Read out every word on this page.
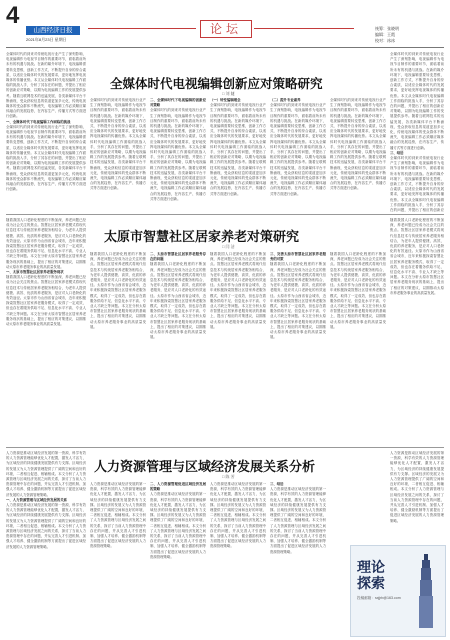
4
山西经济日报
2021年8月23日 星期日
论坛	统筹：张晓明
编辑：王霞
校对：冰冰
全媒体时代的到来对传统电视行业产生了深刻影响，电视编辑作为电视节目制作的重要环节，面临着前所未有的机遇与挑战。在新的媒介环境下，电视编辑需要转变思维，创新工作方式，不断提升自身的综合素质，以适应全媒体时代的发展要求，更好地发挥电视媒体的传播优势。本文从全媒体时代电视编辑工作面临的挑战入手，分析了其存在的问题，并提出了相应的创新应对策略，以期为电视编辑工作的发展提供参考。随着互联网技术的迅猛发展，各类新媒体平台不断涌现，受众获取信息的渠道更加多元化，传统电视媒体的受众群体不断流失，电视编辑工作必须顺应媒体融合的发展趋势，在内容生产、传播方式等方面进行创新。
一、全媒体时代下电视编辑工作面临的挑战
全媒体时代的到来对传统电视行业产生了深刻影响，电视编辑作为电视节目制作的重要环节，面临着前所未有的机遇与挑战。在新的媒介环境下，电视编辑需要转变思维，创新工作方式，不断提升自身的综合素质，以适应全媒体时代的发展要求，更好地发挥电视媒体的传播优势。本文从全媒体时代电视编辑工作面临的挑战入手，分析了其存在的问题，并提出了相应的创新应对策略，以期为电视编辑工作的发展提供参考。随着互联网技术的迅猛发展，各类新媒体平台不断涌现，受众获取信息的渠道更加多元化，传统电视媒体的受众群体不断流失，电视编辑工作必须顺应媒体融合的发展趋势，在内容生产、传播方式等方面进行创新。
全媒体时代电视编辑创新应对策略研究
□ 刘 婕
全媒体时代的到来对传统电视行业产生了深刻影响，电视编辑作为电视节目制作的重要环节，面临着前所未有的机遇与挑战。在新的媒介环境下，电视编辑需要转变思维，创新工作方式，不断提升自身的综合素质，以适应全媒体时代的发展要求，更好地发挥电视媒体的传播优势。本文从全媒体时代电视编辑工作面临的挑战入手，分析了其存在的问题，并提出了相应的创新应对策略，以期为电视编辑工作的发展提供参考。随着互联网技术的迅猛发展，各类新媒体平台不断涌现，受众获取信息的渠道更加多元化，传统电视媒体的受众群体不断流失，电视编辑工作必须顺应媒体融合的发展趋势，在内容生产、传播方式等方面进行创新。
二、全媒体时代下电视编辑的创新应对策略
全媒体时代的到来对传统电视行业产生了深刻影响，电视编辑作为电视节目制作的重要环节，面临着前所未有的机遇与挑战。在新的媒介环境下，电视编辑需要转变思维，创新工作方式，不断提升自身的综合素质，以适应全媒体时代的发展要求，更好地发挥电视媒体的传播优势。本文从全媒体时代电视编辑工作面临的挑战入手，分析了其存在的问题，并提出了相应的创新应对策略，以期为电视编辑工作的发展提供参考。随着互联网技术的迅猛发展，各类新媒体平台不断涌现，受众获取信息的渠道更加多元化，传统电视媒体的受众群体不断流失，电视编辑工作必须顺应媒体融合的发展趋势，在内容生产、传播方式等方面进行创新。
（一）转变编辑理念
全媒体时代的到来对传统电视行业产生了深刻影响，电视编辑作为电视节目制作的重要环节，面临着前所未有的机遇与挑战。在新的媒介环境下，电视编辑需要转变思维，创新工作方式，不断提升自身的综合素质，以适应全媒体时代的发展要求，更好地发挥电视媒体的传播优势。本文从全媒体时代电视编辑工作面临的挑战入手，分析了其存在的问题，并提出了相应的创新应对策略，以期为电视编辑工作的发展提供参考。随着互联网技术的迅猛发展，各类新媒体平台不断涌现，受众获取信息的渠道更加多元化，传统电视媒体的受众群体不断流失，电视编辑工作必须顺应媒体融合的发展趋势，在内容生产、传播方式等方面进行创新。
（二）提升专业素养
全媒体时代的到来对传统电视行业产生了深刻影响，电视编辑作为电视节目制作的重要环节，面临着前所未有的机遇与挑战。在新的媒介环境下，电视编辑需要转变思维，创新工作方式，不断提升自身的综合素质，以适应全媒体时代的发展要求，更好地发挥电视媒体的传播优势。本文从全媒体时代电视编辑工作面临的挑战入手，分析了其存在的问题，并提出了相应的创新应对策略，以期为电视编辑工作的发展提供参考。随着互联网技术的迅猛发展，各类新媒体平台不断涌现，受众获取信息的渠道更加多元化，传统电视媒体的受众群体不断流失，电视编辑工作必须顺应媒体融合的发展趋势，在内容生产、传播方式等方面进行创新。
全媒体时代的到来对传统电视行业产生了深刻影响，电视编辑作为电视节目制作的重要环节，面临着前所未有的机遇与挑战。在新的媒介环境下，电视编辑需要转变思维，创新工作方式，不断提升自身的综合素质，以适应全媒体时代的发展要求，更好地发挥电视媒体的传播优势。本文从全媒体时代电视编辑工作面临的挑战入手，分析了其存在的问题，并提出了相应的创新应对策略，以期为电视编辑工作的发展提供参考。随着互联网技术的迅猛发展，各类新媒体平台不断涌现，受众获取信息的渠道更加多元化，传统电视媒体的受众群体不断流失，电视编辑工作必须顺应媒体融合的发展趋势，在内容生产、传播方式等方面进行创新。
全媒体时代的到来对传统电视行业产生了深刻影响，电视编辑作为电视节目制作的重要环节，面临着前所未有的机遇与挑战。在新的媒介环境下，电视编辑需要转变思维，创新工作方式，不断提升自身的综合素质，以适应全媒体时代的发展要求，更好地发挥电视媒体的传播优势。本文从全媒体时代电视编辑工作面临的挑战入手，分析了其存在的问题，并提出了相应的创新应对策略，以期为电视编辑工作的发展提供参考。随着互联网技术的迅猛发展，各类新媒体平台不断涌现，受众获取信息的渠道更加多元化，传统电视媒体的受众群体不断流失，电视编辑工作必须顺应媒体融合的发展趋势，在内容生产、传播方式等方面进行创新。
三、结语
全媒体时代的到来对传统电视行业产生了深刻影响，电视编辑作为电视节目制作的重要环节，面临着前所未有的机遇与挑战。在新的媒介环境下，电视编辑需要转变思维，创新工作方式，不断提升自身的综合素质，以适应全媒体时代的发展要求，更好地发挥电视媒体的传播优势。本文从全媒体时代电视编辑工作面临的挑战入手，分析了其存在的问题，并提出了相应的创新应
随着我国人口老龄化程度的不断加深，养老问题已经成为社会关注的焦点。智慧社区居家养老模式将现代信息技术与传统居家养老服务相结合，为老年人提供便捷、高效、优质的养老服务，是应对人口老龄化的有效途径。太原市作为山西省省会城市，近年来积极探索智慧社区居家养老服务模式，取得了一定成效，但也存在着服务供给不足、信息化水平不高、专业人才缺乏等问题。本文在分析太原市智慧社区居家养老服务现状的基础上，提出了相应的对策建议，以期推动太原市养老服务事业的高质量发展。
一、太原市智慧社区居家养老服务现状
随着我国人口老龄化程度的不断加深，养老问题已经成为社会关注的焦点。智慧社区居家养老模式将现代信息技术与传统居家养老服务相结合，为老年人提供便捷、高效、优质的养老服务，是应对人口老龄化的有效途径。太原市作为山西省省会城市，近年来积极探索智慧社区居家养老服务模式，取得了一定成效，但也存在着服务供给不足、信息化水平不高、专业人才缺乏等问题。本文在分析太原市智慧社区居家养老服务现状的基础上，提出了相应的对策建议，以期推动太原市养老服务事业的高质量发展。
太原市智慧社区居家养老对策研究
□ 闫 洁
随着我国人口老龄化程度的不断加深，养老问题已经成为社会关注的焦点。智慧社区居家养老模式将现代信息技术与传统居家养老服务相结合，为老年人提供便捷、高效、优质的养老服务，是应对人口老龄化的有效途径。太原市作为山西省省会城市，近年来积极探索智慧社区居家养老服务模式，取得了一定成效，但也存在着服务供给不足、信息化水平不高、专业人才缺乏等问题。本文在分析太原市智慧社区居家养老服务现状的基础上，提出了相应的对策建议，以期推动太原市养老服务事业的高质量发展。
二、太原市智慧社区居家养老服务存在的问题
随着我国人口老龄化程度的不断加深，养老问题已经成为社会关注的焦点。智慧社区居家养老模式将现代信息技术与传统居家养老服务相结合，为老年人提供便捷、高效、优质的养老服务，是应对人口老龄化的有效途径。太原市作为山西省省会城市，近年来积极探索智慧社区居家养老服务模式，取得了一定成效，但也存在着服务供给不足、信息化水平不高、专业人才缺乏等问题。本文在分析太原市智慧社区居家养老服务现状的基础上，提出了相应的对策建议，以期推动太原市养老服务事业的高质量发展。
随着我国人口老龄化程度的不断加深，养老问题已经成为社会关注的焦点。智慧社区居家养老模式将现代信息技术与传统居家养老服务相结合，为老年人提供便捷、高效、优质的养老服务，是应对人口老龄化的有效途径。太原市作为山西省省会城市，近年来积极探索智慧社区居家养老服务模式，取得了一定成效，但也存在着服务供给不足、信息化水平不高、专业人才缺乏等问题。本文在分析太原市智慧社区居家养老服务现状的基础上，提出了相应的对策建议，以期推动太原市养老服务事业的高质量发展。
三、完善太原市智慧社区居家养老服务的对策
随着我国人口老龄化程度的不断加深，养老问题已经成为社会关注的焦点。智慧社区居家养老模式将现代信息技术与传统居家养老服务相结合，为老年人提供便捷、高效、优质的养老服务，是应对人口老龄化的有效途径。太原市作为山西省省会城市，近年来积极探索智慧社区居家养老服务模式，取得了一定成效，但也存在着服务供给不足、信息化水平不高、专业人才缺乏等问题。本文在分析太原市智慧社区居家养老服务现状的基础上，提出了相应的对策建议，以期推动太原市养老服务事业的高质量发展。
随着我国人口老龄化程度的不断加深，养老问题已经成为社会关注的焦点。智慧社区居家养老模式将现代信息技术与传统居家养老服务相结合，为老年人提供便捷、高效、优质的养老服务，是应对人口老龄化的有效途径。太原市作为山西省省会城市，近年来积极探索智慧社区居家养老服务模式，取得了一定成效，但也存在着服务供给不足、信息化水平不高、专业人才缺乏等问题。本文在分析太原市智慧社区居家养老服务现状的基础上，提出了相应的对策建议，以期推动太原市养老服务事业的高质量发展。
随着我国人口老龄化程度的不断加深，养老问题已经成为社会关注的焦点。智慧社区居家养老模式将现代信息技术与传统居家养老服务相结合，为老年人提供便捷、高效、优质的养老服务，是应对人口老龄化的有效途径。太原市作为山西省省会城市，近年来积极探索智慧社区居家养老服务模式，取得了一定成效，但也存在着服务供给不足、信息化水平不高、专业人才缺乏等问题。本文在分析太原市智慧社区居家养老服务现状的基础上，提出了相应的对策建议，以期推动太原市养老服务事业的高质量发展。
人力资源是推动区域经济发展的第一资源，科学有效的人力资源管理能够优化人才配置，激发人才活力，为区域经济的持续健康发展提供有力支撑。区域经济的发展又为人力资源管理提供了广阔的空间和良好的环境，二者相互促进、相辅相成。本文分析了人力资源管理与区域经济发展之间的关系，探讨了当前人力资源管理中存在的问题，并从完善人才引进机制、加强人才培养、健全激励机制等方面提出了促进区域经济发展的人力资源管理策略。
一、人力资源管理与区域经济发展的关系
人力资源是推动区域经济发展的第一资源，科学有效的人力资源管理能够优化人才配置，激发人才活力，为区域经济的持续健康发展提供有力支撑。区域经济的发展又为人力资源管理提供了广阔的空间和良好的环境，二者相互促进、相辅相成。本文分析了人力资源管理与区域经济发展之间的关系，探讨了当前人力资源管理中存在的问题，并从完善人才引进机制、加强人才培养、健全激励机制等方面提出了促进区域经济发展的人力资源管理策略。
人力资源管理与区域经济发展关系分析
□ 陈 芳
人力资源是推动区域经济发展的第一资源，科学有效的人力资源管理能够优化人才配置，激发人才活力，为区域经济的持续健康发展提供有力支撑。区域经济的发展又为人力资源管理提供了广阔的空间和良好的环境，二者相互促进、相辅相成。本文分析了人力资源管理与区域经济发展之间的关系，探讨了当前人力资源管理中存在的问题，并从完善人才引进机制、加强人才培养、健全激励机制等方面提出了促进区域经济发展的人力资源管理策略。
二、人力资源管理促进区域经济发展的策略
人力资源是推动区域经济发展的第一资源，科学有效的人力资源管理能够优化人才配置，激发人才活力，为区域经济的持续健康发展提供有力支撑。区域经济的发展又为人力资源管理提供了广阔的空间和良好的环境，二者相互促进、相辅相成。本文分析了人力资源管理与区域经济发展之间的关系，探讨了当前人力资源管理中存在的问题，并从完善人才引进机制、加强人才培养、健全激励机制等方面提出了促进区域经济发展的人力资源管理策略。
人力资源是推动区域经济发展的第一资源，科学有效的人力资源管理能够优化人才配置，激发人才活力，为区域经济的持续健康发展提供有力支撑。区域经济的发展又为人力资源管理提供了广阔的空间和良好的环境，二者相互促进、相辅相成。本文分析了人力资源管理与区域经济发展之间的关系，探讨了当前人力资源管理中存在的问题，并从完善人才引进机制、加强人才培养、健全激励机制等方面提出了促进区域经济发展的人力资源管理策略。
三、结语
人力资源是推动区域经济发展的第一资源，科学有效的人力资源管理能够优化人才配置，激发人才活力，为区域经济的持续健康发展提供有力支撑。区域经济的发展又为人力资源管理提供了广阔的空间和良好的环境，二者相互促进、相辅相成。本文分析了人力资源管理与区域经济发展之间的关系，探讨了当前人力资源管理中存在的问题，并从完善人才引进机制、加强人才培养、健全激励机制等方面提出了促进区域经济发展的人力资源管理策略。
人力资源是推动区域经济发展的第一资源，科学有效的人力资源管理能够优化人才配置，激发人才活力，为区域经济的持续健康发展提供有力支撑。区域经济的发展又为人力资源管理提供了广阔的空间和良好的环境，二者相互促进、相辅相成。本文分析了人力资源管理与区域经济发展之间的关系，探讨了当前人力资源管理中存在的问题，并从完善人才引进机制、加强人才培养、健全激励机制等方面提出了促进区域经济发展的人力资源管理策略。
理论
探索
投稿邮箱：sxjjrb@163.com
